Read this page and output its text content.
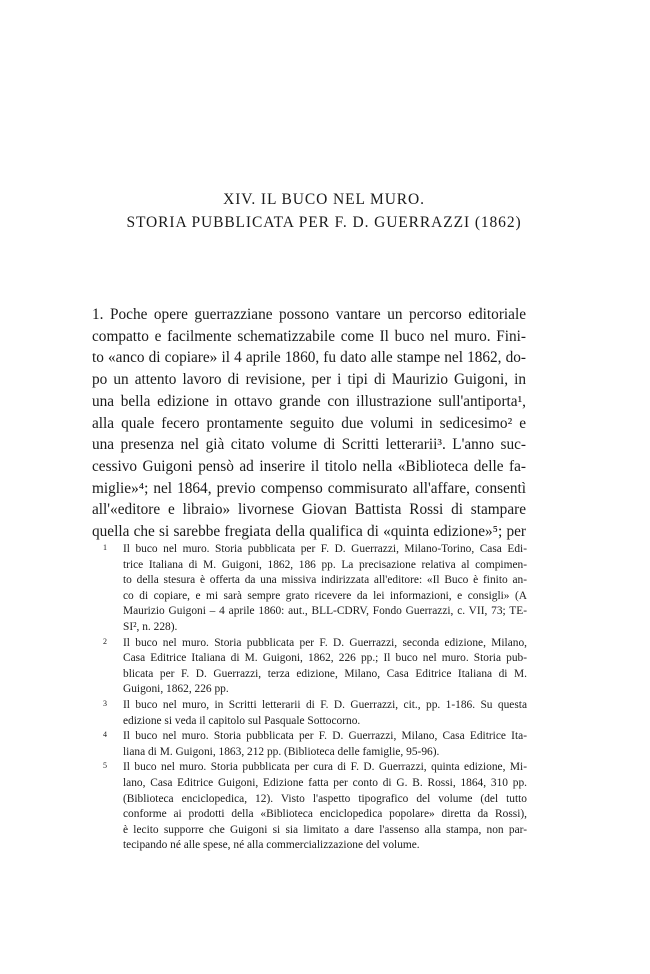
XIV. IL BUCO NEL MURO.
STORIA PUBBLICATA PER F. D. GUERRAZZI (1862)
1. Poche opere guerrazziane possono vantare un percorso editoriale
compatto e facilmente schematizzabile come Il buco nel muro. Fini-
to «anco di copiare» il 4 aprile 1860, fu dato alle stampe nel 1862, do-
po un attento lavoro di revisione, per i tipi di Maurizio Guigoni, in
una bella edizione in ottavo grande con illustrazione sull'antiporta¹,
alla quale fecero prontamente seguito due volumi in sedicesimo² e
una presenza nel già citato volume di Scritti letterarii³. L'anno suc-
cessivo Guigoni pensò ad inserire il titolo nella «Biblioteca delle fa-
miglie»⁴; nel 1864, previo compenso commisurato all'affare, consentì
all'«editore e libraio» livornese Giovan Battista Rossi di stampare
quella che si sarebbe fregiata della qualifica di «quinta edizione»⁵; per
1 Il buco nel muro. Storia pubblicata per F. D. Guerrazzi, Milano-Torino, Casa Edi-
trice Italiana di M. Guigoni, 1862, 186 pp. La precisazione relativa al compimen-
to della stesura è offerta da una missiva indirizzata all'editore: «Il Buco è finito an-
co di copiare, e mi sarà sempre grato ricevere da lei informazioni, e consigli» (A
Maurizio Guigoni – 4 aprile 1860: aut., BLL-CDRV, Fondo Guerrazzi, c. VII, 73; TE-
SI², n. 228).
2 Il buco nel muro. Storia pubblicata per F. D. Guerrazzi, seconda edizione, Milano,
Casa Editrice Italiana di M. Guigoni, 1862, 226 pp.; Il buco nel muro. Storia pub-
blicata per F. D. Guerrazzi, terza edizione, Milano, Casa Editrice Italiana di M.
Guigoni, 1862, 226 pp.
3 Il buco nel muro, in Scritti letterarii di F. D. Guerrazzi, cit., pp. 1-186. Su questa
edizione si veda il capitolo sul Pasquale Sottocorno.
4 Il buco nel muro. Storia pubblicata per F. D. Guerrazzi, Milano, Casa Editrice Ita-
liana di M. Guigoni, 1863, 212 pp. (Biblioteca delle famiglie, 95-96).
5 Il buco nel muro. Storia pubblicata per cura di F. D. Guerrazzi, quinta edizione, Mi-
lano, Casa Editrice Guigoni, Edizione fatta per conto di G. B. Rossi, 1864, 310 pp.
(Biblioteca enciclopedica, 12). Visto l'aspetto tipografico del volume (del tutto
conforme ai prodotti della «Biblioteca enciclopedica popolare» diretta da Rossi),
è lecito supporre che Guigoni si sia limitato a dare l'assenso alla stampa, non par-
tecipando né alle spese, né alla commercializzazione del volume.
